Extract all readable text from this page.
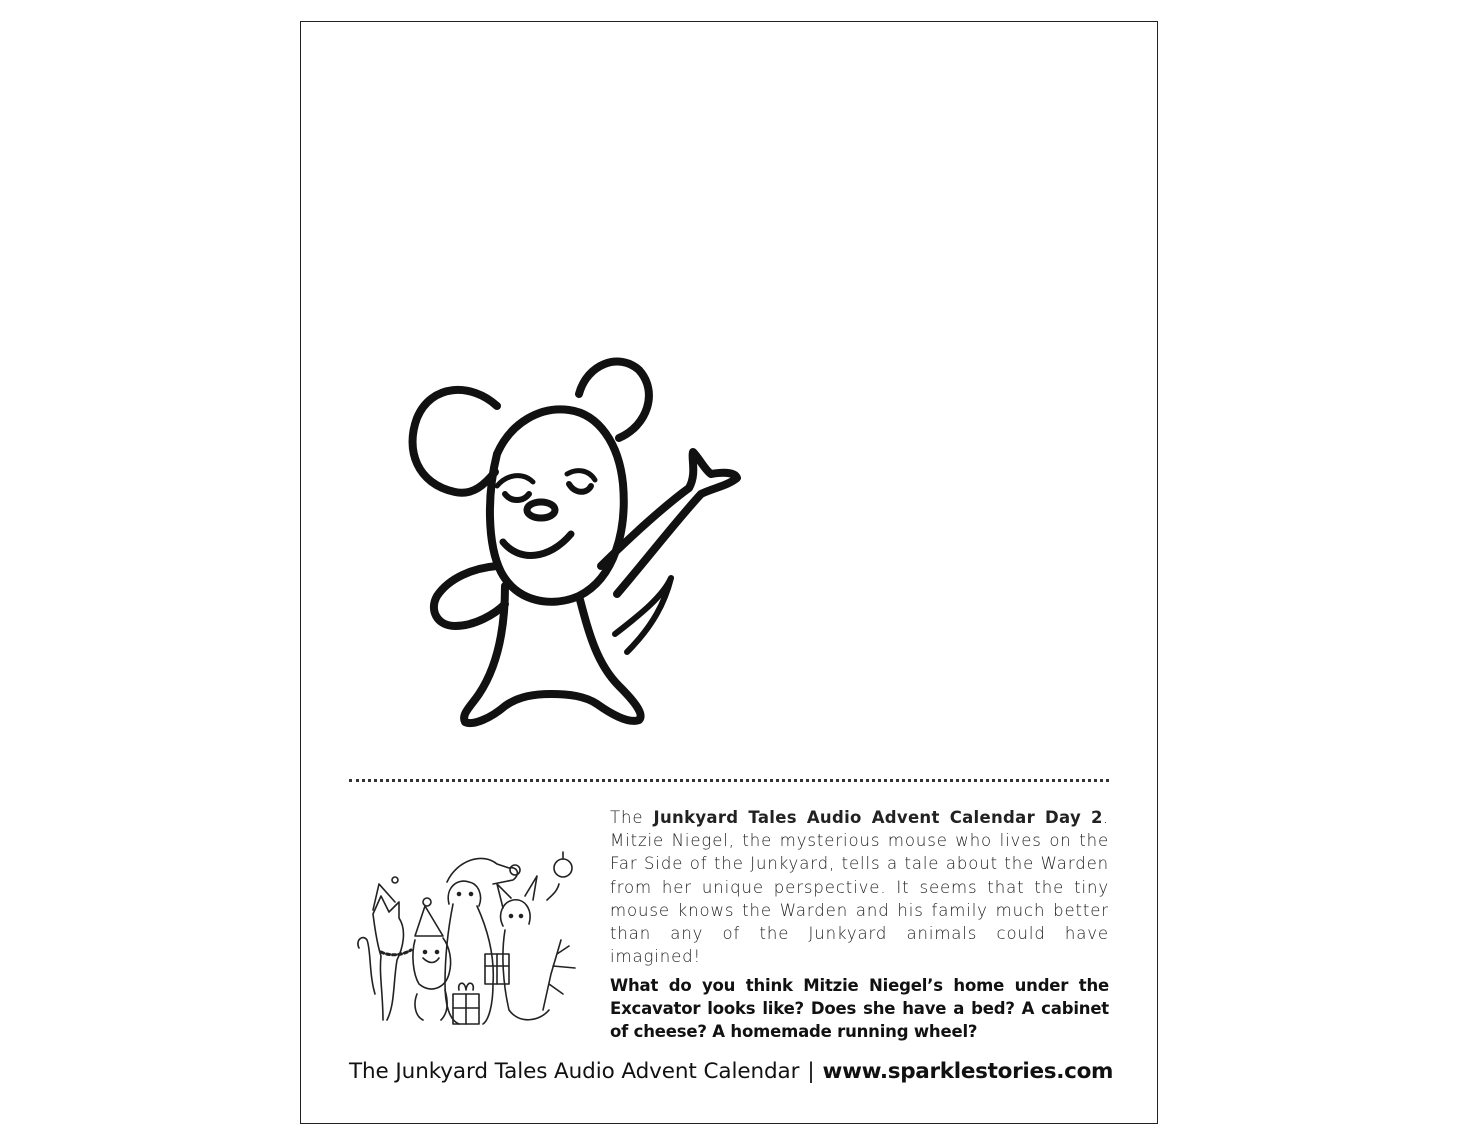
The Junkyard Tales Audio Advent Calendar Day 2. Mitzie Niegel, the mysterious mouse who lives on the Far Side of the Junkyard, tells a tale about the Warden from her unique perspective. It seems that the tiny mouse knows the Warden and his family much better than any of the Junkyard animals could have imagined!

What do you think Mitzie Niegel’s home under the Excavator looks like? Does she have a bed? A cabinet of cheese? A homemade running wheel?

The Junkyard Tales Audio Advent Calendar | www.sparklestories.com
